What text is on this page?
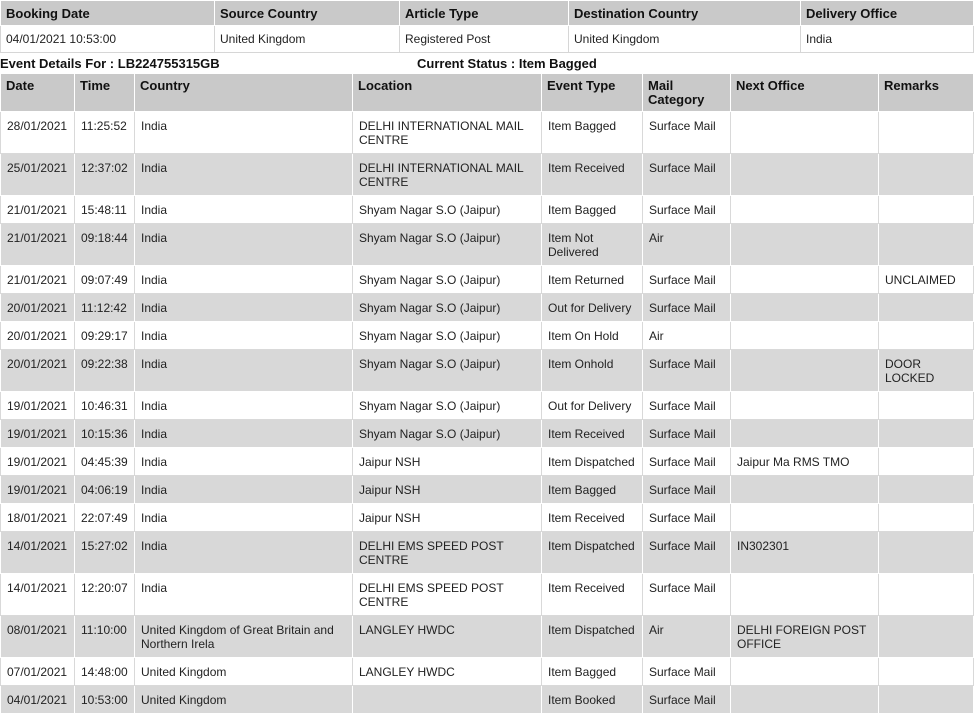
Booking Date	Source Country	Article Type	Destination Country	Delivery Office
04/01/2021 10:53:00	United Kingdom	Registered Post	United Kingdom	India
Event Details For : LB224755315GB	Current Status : Item Bagged
Date	Time	Country	Location	Event Type	Mail Category	Next Office	Remarks
28/01/2021	11:25:52	India	DELHI INTERNATIONAL MAIL CENTRE	Item Bagged	Surface Mail		
25/01/2021	12:37:02	India	DELHI INTERNATIONAL MAIL CENTRE	Item Received	Surface Mail		
21/01/2021	15:48:11	India	Shyam Nagar S.O (Jaipur)	Item Bagged	Surface Mail		
21/01/2021	09:18:44	India	Shyam Nagar S.O (Jaipur)	Item Not Delivered	Air		
21/01/2021	09:07:49	India	Shyam Nagar S.O (Jaipur)	Item Returned	Surface Mail		UNCLAIMED
20/01/2021	11:12:42	India	Shyam Nagar S.O (Jaipur)	Out for Delivery	Surface Mail		
20/01/2021	09:29:17	India	Shyam Nagar S.O (Jaipur)	Item On Hold	Air		
20/01/2021	09:22:38	India	Shyam Nagar S.O (Jaipur)	Item Onhold	Surface Mail		DOOR LOCKED
19/01/2021	10:46:31	India	Shyam Nagar S.O (Jaipur)	Out for Delivery	Surface Mail		
19/01/2021	10:15:36	India	Shyam Nagar S.O (Jaipur)	Item Received	Surface Mail		
19/01/2021	04:45:39	India	Jaipur NSH	Item Dispatched	Surface Mail	Jaipur Ma RMS TMO	
19/01/2021	04:06:19	India	Jaipur NSH	Item Bagged	Surface Mail		
18/01/2021	22:07:49	India	Jaipur NSH	Item Received	Surface Mail		
14/01/2021	15:27:02	India	DELHI EMS SPEED POST CENTRE	Item Dispatched	Surface Mail	IN302301	
14/01/2021	12:20:07	India	DELHI EMS SPEED POST CENTRE	Item Received	Surface Mail		
08/01/2021	11:10:00	United Kingdom of Great Britain and Northern Irela	LANGLEY HWDC	Item Dispatched	Air	DELHI FOREIGN POST OFFICE	
07/01/2021	14:48:00	United Kingdom	LANGLEY HWDC	Item Bagged	Surface Mail		
04/01/2021	10:53:00	United Kingdom		Item Booked	Surface Mail		
